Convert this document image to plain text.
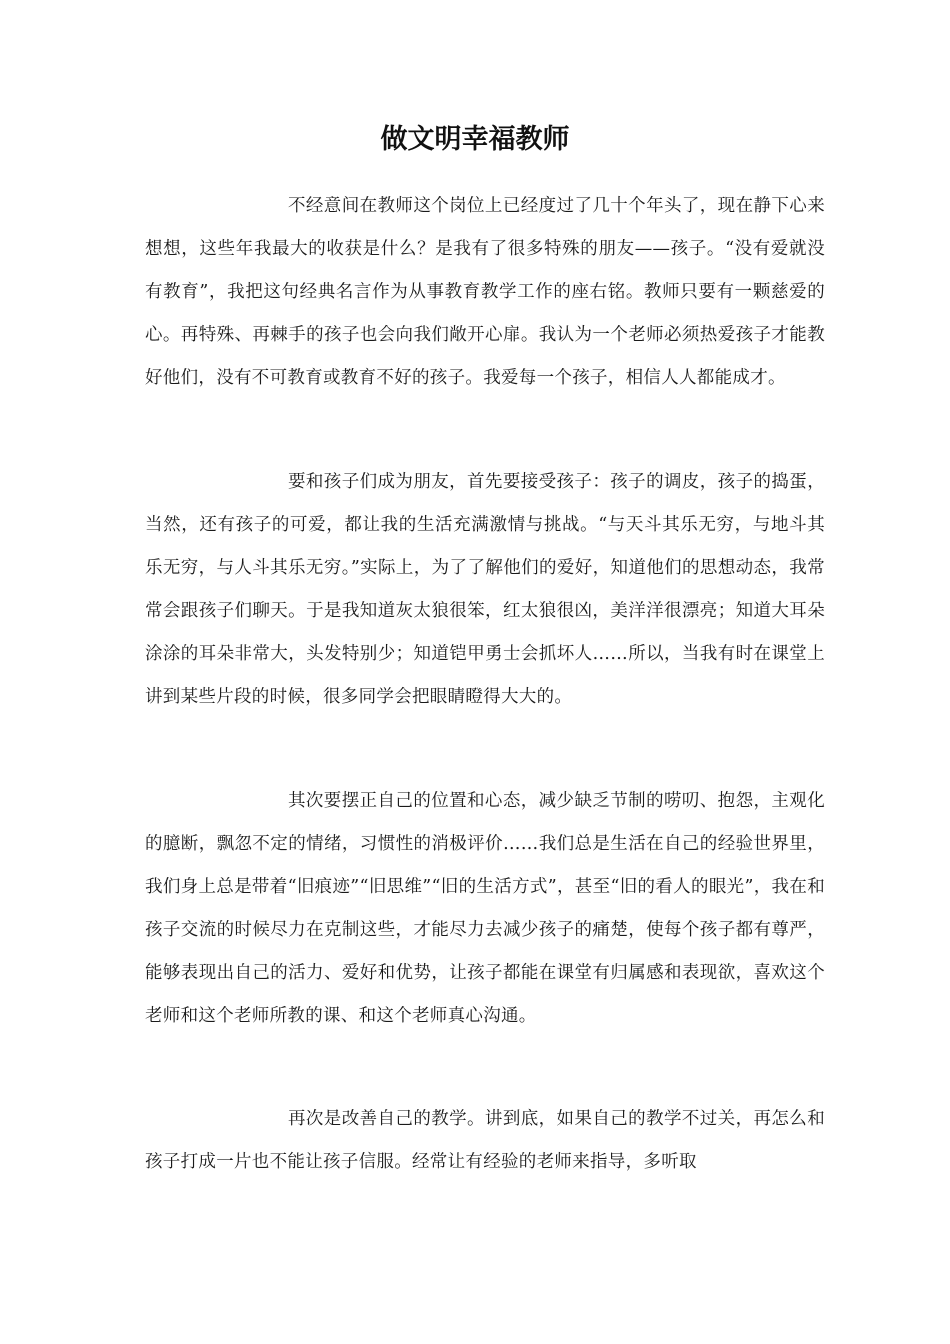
做文明幸福教师

不经意间在教师这个岗位上已经度过了几十个年头了，现在静下心来想想，这些年我最大的收获是什么？是我有了很多特殊的朋友——孩子。“没有爱就没有教育”，我把这句经典名言作为从事教育教学工作的座右铭。教师只要有一颗慈爱的心。再特殊、再棘手的孩子也会向我们敞开心扉。我认为一个老师必须热爱孩子才能教好他们，没有不可教育或教育不好的孩子。我爱每一个孩子，相信人人都能成才。

要和孩子们成为朋友，首先要接受孩子：孩子的调皮，孩子的捣蛋，当然，还有孩子的可爱，都让我的生活充满激情与挑战。“与天斗其乐无穷，与地斗其乐无穷，与人斗其乐无穷。”实际上，为了了解他们的爱好，知道他们的思想动态，我常常会跟孩子们聊天。于是我知道灰太狼很笨，红太狼很凶，美洋洋很漂亮；知道大耳朵涂涂的耳朵非常大，头发特别少；知道铠甲勇士会抓坏人……所以，当我有时在课堂上讲到某些片段的时候，很多同学会把眼睛瞪得大大的。

其次要摆正自己的位置和心态，减少缺乏节制的唠叨、抱怨，主观化的臆断，飘忽不定的情绪，习惯性的消极评价……我们总是生活在自己的经验世界里，我们身上总是带着“旧痕迹”“旧思维”“旧的生活方式”，甚至“旧的看人的眼光”，我在和孩子交流的时候尽力在克制这些，才能尽力去减少孩子的痛楚，使每个孩子都有尊严，能够表现出自己的活力、爱好和优势，让孩子都能在课堂有归属感和表现欲，喜欢这个老师和这个老师所教的课、和这个老师真心沟通。

再次是改善自己的教学。讲到底，如果自己的教学不过关，再怎么和孩子打成一片也不能让孩子信服。经常让有经验的老师来指导，多听取
